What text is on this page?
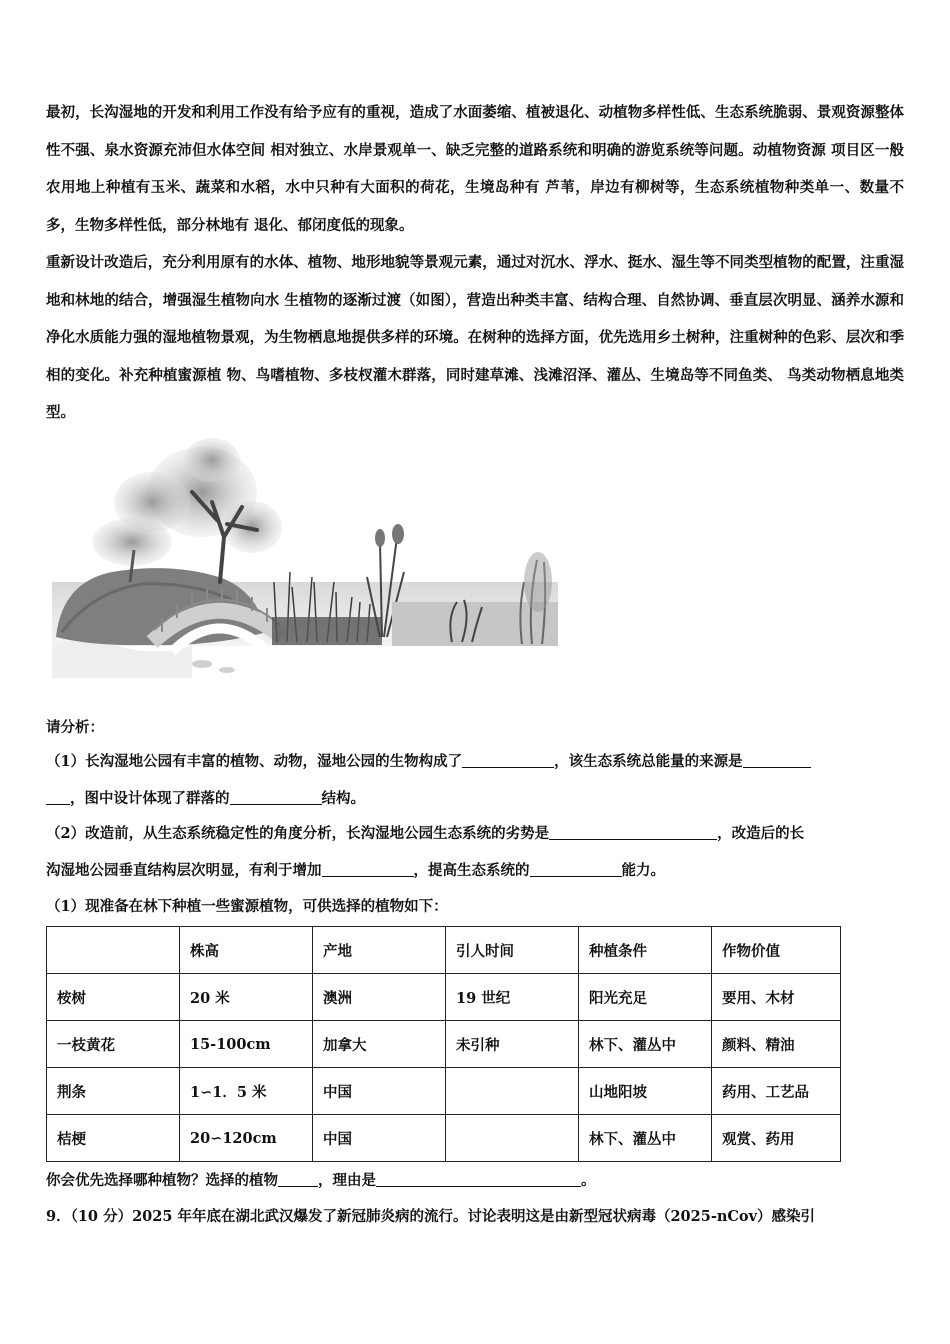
最初，长沟湿地的开发和利用工作没有给予应有的重视，造成了水面萎缩、植被退化、动植物多样性低、生态系统脆弱、景观资源整体性不强、泉水资源充沛但水体空间 相对独立、水岸景观单一、缺乏完整的道路系统和明确的游览系统等问题。动植物资源 项目区一般农用地上种植有玉米、蔬菜和水稻，水中只种有大面积的荷花，生境岛种有 芦苇，岸边有柳树等，生态系统植物种类单一、数量不多，生物多样性低，部分林地有 退化、郁闭度低的现象。
重新设计改造后，充分利用原有的水体、植物、地形地貌等景观元素，通过对沉水、浮水、挺水、湿生等不同类型植物的配置，注重湿地和林地的结合，增强湿生植物向水 生植物的逐渐过渡（如图），营造出种类丰富、结构合理、自然协调、垂直层次明显、涵养水源和净化水质能力强的湿地植物景观，为生物栖息地提供多样的环境。在树种的选择方面，优先选用乡土树种，注重树种的色彩、层次和季相的变化。补充种植蜜源植 物、鸟嗜植物、多枝杈灌木群落，同时建草滩、浅滩沼泽、灌丛、生境岛等不同鱼类、 鸟类动物栖息地类型。
请分析：
（1）长沟湿地公园有丰富的植物、动物，湿地公园的生物构成了	，该生态系统总能量的来源是
，图中设计体现了群落的	结构。
（2）改造前，从生态系统稳定性的角度分析，长沟湿地公园生态系统的劣势是	，改造后的长
沟湿地公园垂直结构层次明显，有利于增加	，提高生态系统的	能力。
（1）现准备在林下种植一些蜜源植物，可供选择的植物如下：
	株高	产地	引人时间	种植条件	作物价值
桉树	20 米	澳洲	19 世纪	阳光充足	要用、木材
一枝黄花	15-100cm	加拿大	未引种	林下、灌丛中	颜料、精油
荆条	1∽1．5 米	中国		山地阳坡	药用、工艺品
桔梗	20∽120cm	中国		林下、灌丛中	观赏、药用
你会优先选择哪种植物？选择的植物	，理由是	。
9．（10 分）2025 年年底在湖北武汉爆发了新冠肺炎病的流行。讨论表明这是由新型冠状病毒（2025-nCov）感染引
